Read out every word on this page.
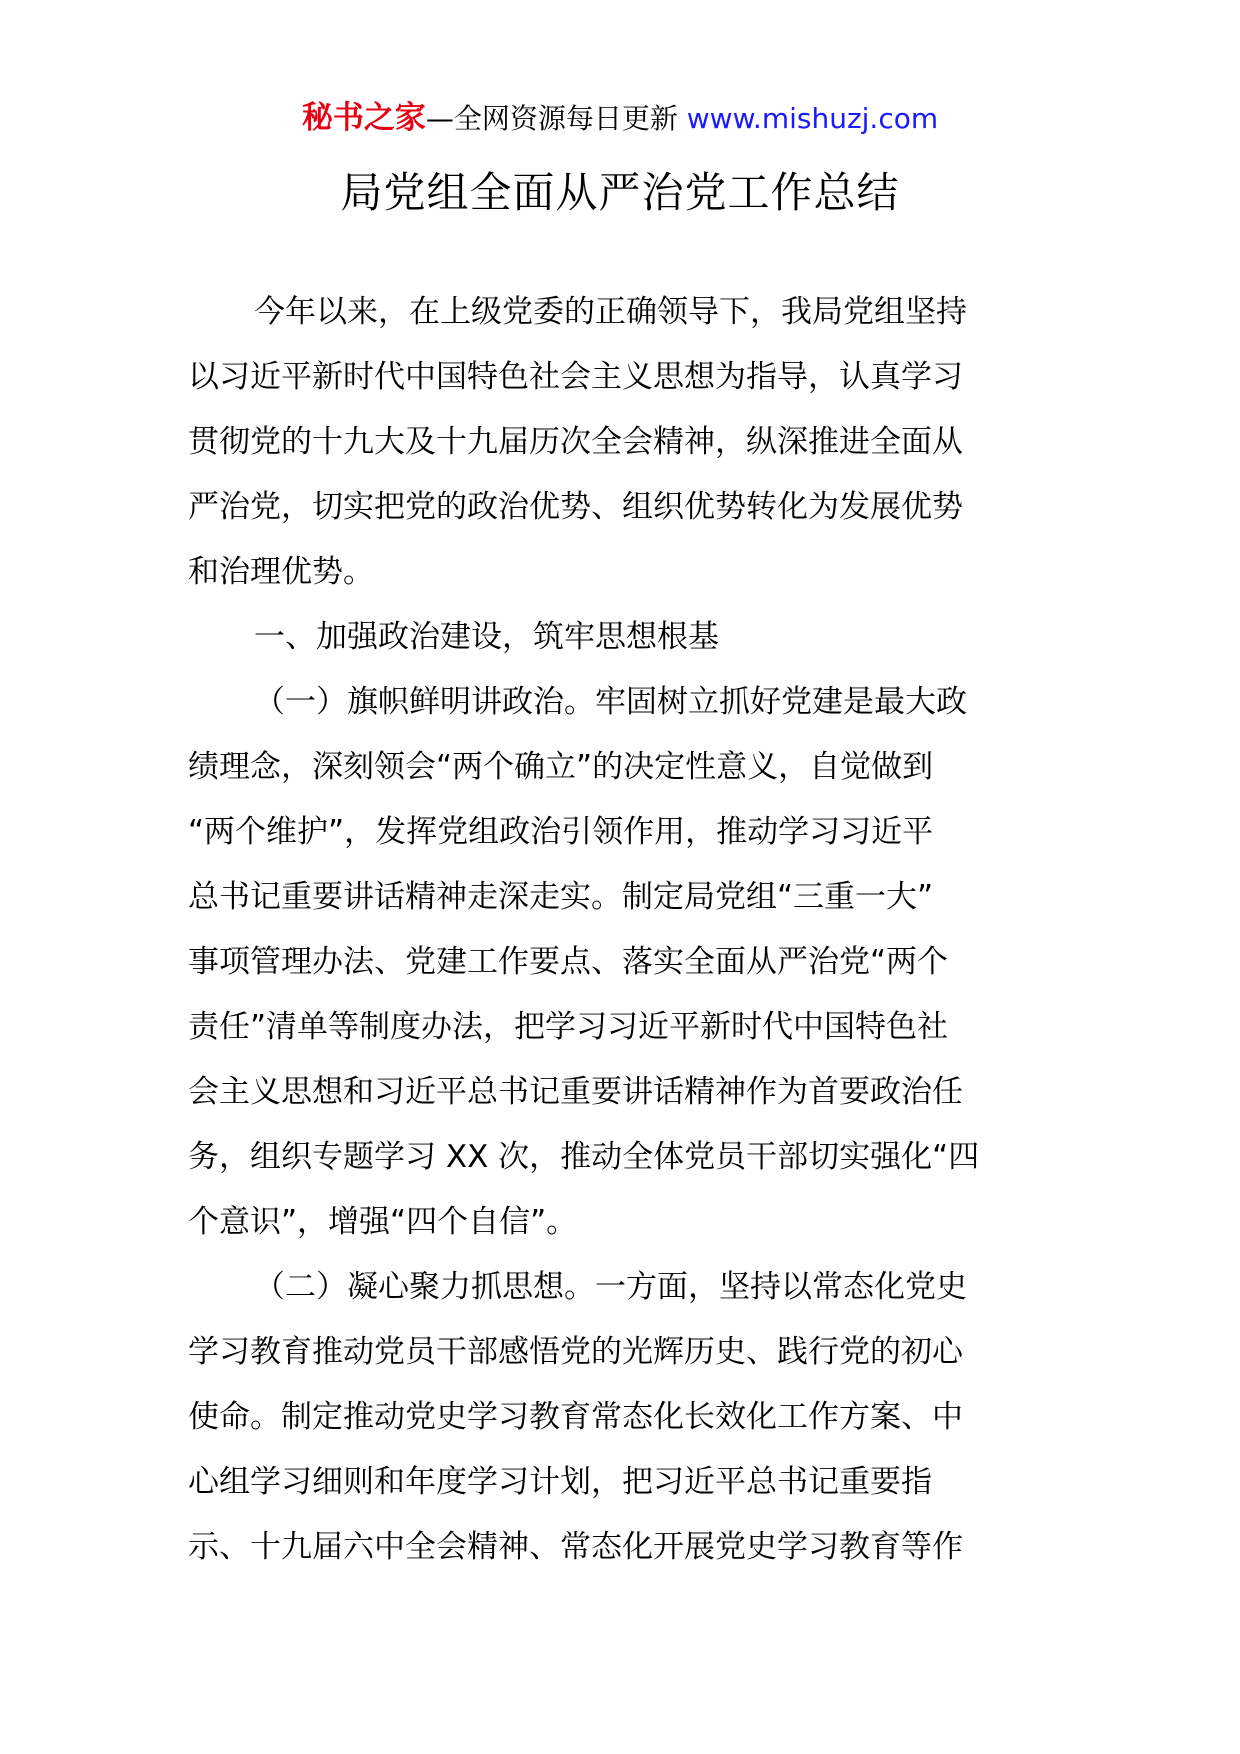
秘书之家—全网资源每日更新 www.mishuzj.com
局党组全面从严治党工作总结
今年以来，在上级党委的正确领导下，我局党组坚持
以习近平新时代中国特色社会主义思想为指导，认真学习
贯彻党的十九大及十九届历次全会精神，纵深推进全面从
严治党，切实把党的政治优势、组织优势转化为发展优势
和治理优势。
一、加强政治建设，筑牢思想根基
（一）旗帜鲜明讲政治。牢固树立抓好党建是最大政
绩理念，深刻领会“两个确立”的决定性意义，自觉做到
“两个维护”，发挥党组政治引领作用，推动学习习近平
总书记重要讲话精神走深走实。制定局党组“三重一大”
事项管理办法、党建工作要点、落实全面从严治党“两个
责任”清单等制度办法，把学习习近平新时代中国特色社
会主义思想和习近平总书记重要讲话精神作为首要政治任
务，组织专题学习 XX 次，推动全体党员干部切实强化“四
个意识”，增强“四个自信”。
（二）凝心聚力抓思想。一方面，坚持以常态化党史
学习教育推动党员干部感悟党的光辉历史、践行党的初心
使命。制定推动党史学习教育常态化长效化工作方案、中
心组学习细则和年度学习计划，把习近平总书记重要指
示、十九届六中全会精神、常态化开展党史学习教育等作
